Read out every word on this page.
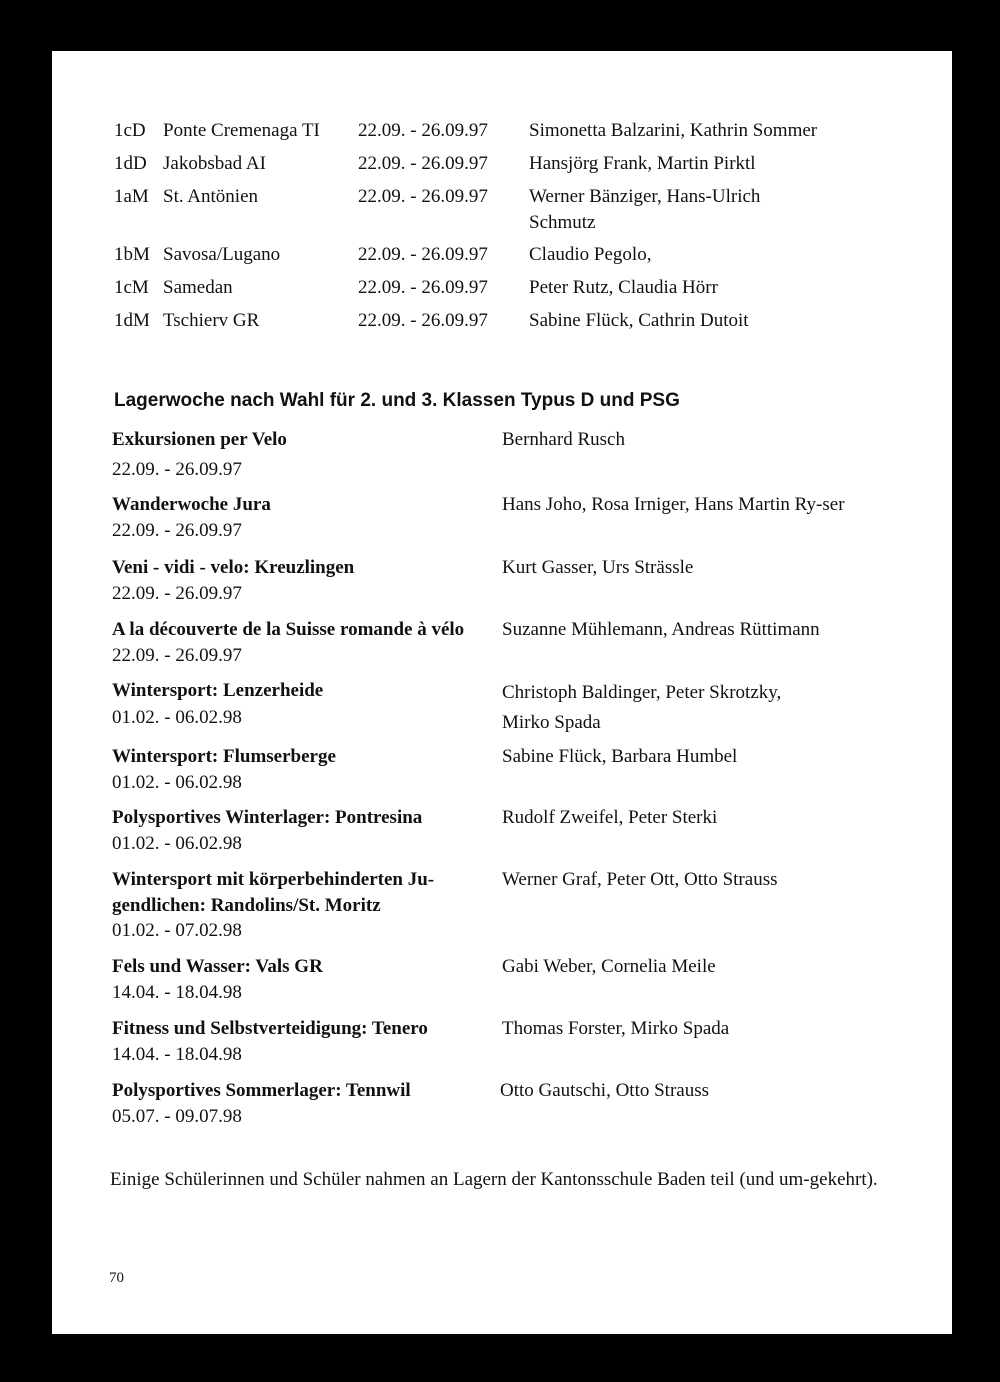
1cD Ponte Cremenaga TI 22.09. - 26.09.97 Simonetta Balzarini, Kathrin Sommer
1dD Jakobsbad AI	22.09. - 26.09.97 Hansjörg Frank, Martin Pirktl
1aM St. Antönien	22.09. - 26.09.97 Werner Bänziger, Hans-Ulrich Schmutz
1bM Savosa/Lugano	22.09. - 26.09.97 Claudio Pegolo,
1cM Samedan	22.09. - 26.09.97 Peter Rutz, Claudia Hörr
1dM Tschierv GR	22.09. - 26.09.97 Sabine Flück, Cathrin Dutoit
Lagerwoche nach Wahl für 2. und 3. Klassen Typus D und PSG
Exkursionen per Velo
22.09. - 26.09.97
Bernhard Rusch
Wanderwoche Jura
22.09. - 26.09.97
Hans Joho, Rosa Irniger, Hans Martin Ry-ser
Veni - vidi - velo: Kreuzlingen
22.09. - 26.09.97
Kurt Gasser, Urs Strässle
A la découverte de la Suisse romande à vélo
22.09. - 26.09.97
Suzanne Mühlemann, Andreas Rüttimann
Wintersport: Lenzerheide
01.02. - 06.02.98
Christoph Baldinger, Peter Skrotzky, Mirko Spada
Wintersport: Flumserberge
01.02. - 06.02.98
Sabine Flück, Barbara Humbel
Polysportives Winterlager: Pontresina
01.02. - 06.02.98
Rudolf Zweifel, Peter Sterki
Wintersport mit körperbehinderten Ju-gendlichen: Randolins/St. Moritz
01.02. - 07.02.98
Werner Graf, Peter Ott, Otto Strauss
Fels und Wasser: Vals GR
14.04. - 18.04.98
Gabi Weber, Cornelia Meile
Fitness und Selbstverteidigung: Tenero
14.04. - 18.04.98
Thomas Forster, Mirko Spada
Polysportives Sommerlager: Tennwil
05.07. - 09.07.98
Otto Gautschi, Otto Strauss
Einige Schülerinnen und Schüler nahmen an Lagern der Kantonsschule Baden teil (und um-gekehrt).
70
